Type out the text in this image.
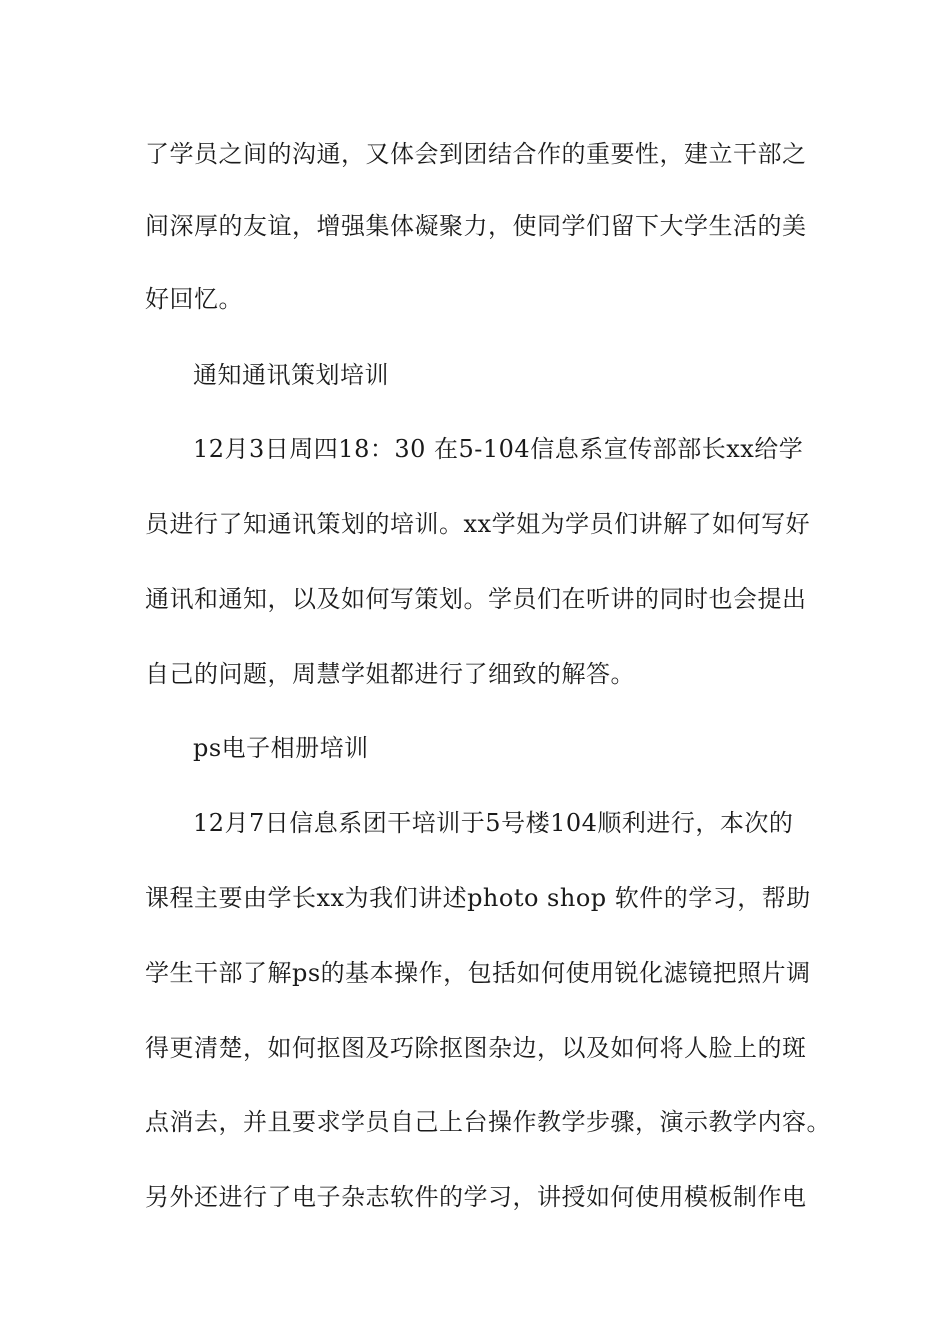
了学员之间的沟通，又体会到团结合作的重要性，建立干部之
间深厚的友谊，增强集体凝聚力，使同学们留下大学生活的美
好回忆。
通知通讯策划培训
12月3日周四18：30 在5-104信息系宣传部部长xx给学
员进行了知通讯策划的培训。xx学姐为学员们讲解了如何写好
通讯和通知，以及如何写策划。学员们在听讲的同时也会提出
自己的问题，周慧学姐都进行了细致的解答。
ps电子相册培训
12月7日信息系团干培训于5号楼104顺利进行，本次的
课程主要由学长xx为我们讲述photo shop 软件的学习，帮助
学生干部了解ps的基本操作，包括如何使用锐化滤镜把照片调
得更清楚，如何抠图及巧除抠图杂边，以及如何将人脸上的斑
点消去，并且要求学员自己上台操作教学步骤，演示教学内容。
另外还进行了电子杂志软件的学习，讲授如何使用模板制作电
